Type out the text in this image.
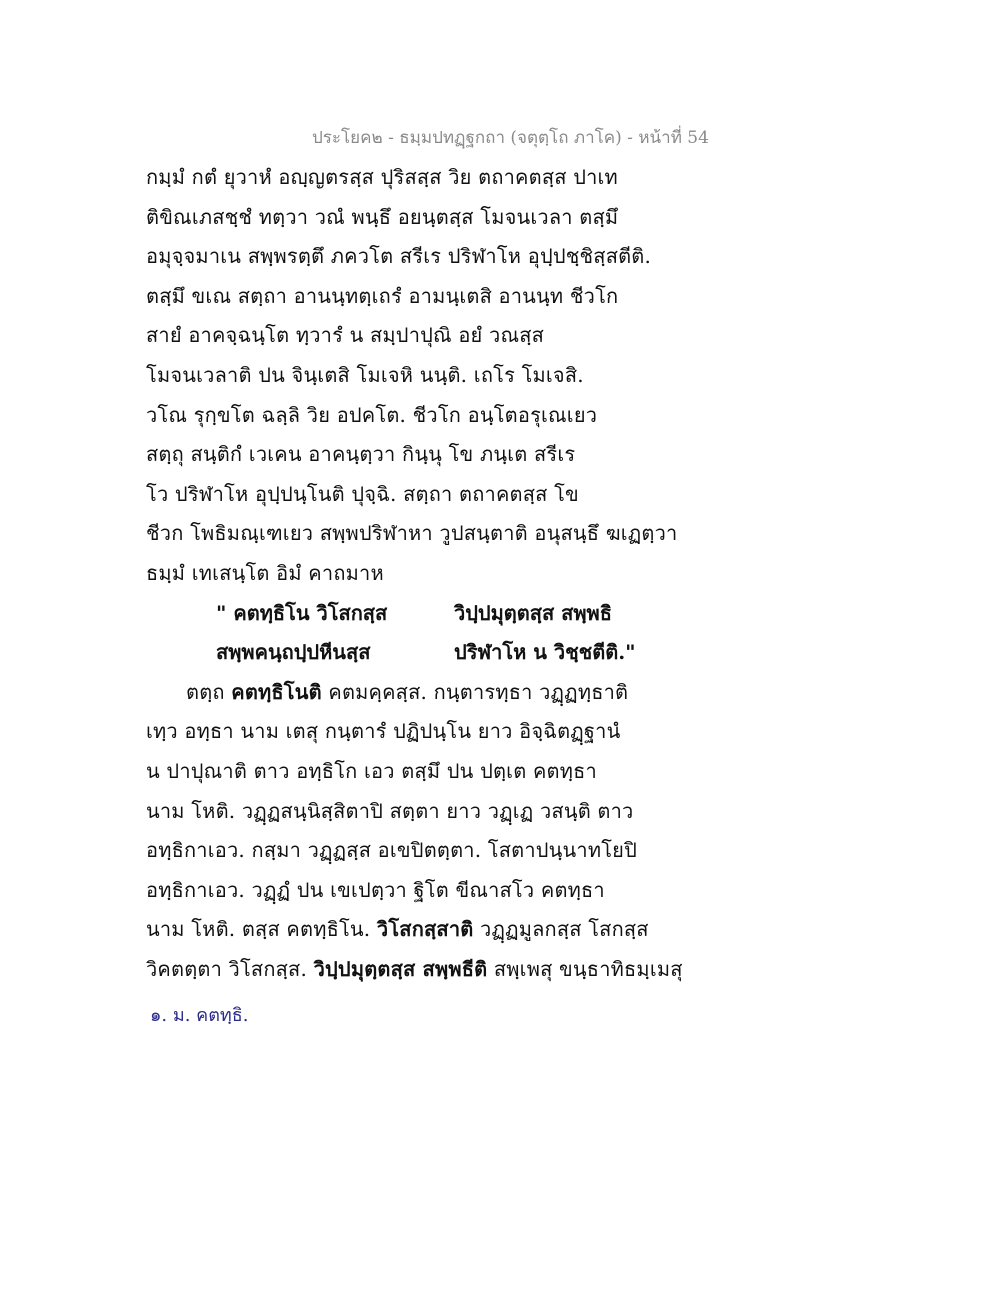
ประโยค๒ - ธมฺมปทฏฺฐกถา (จตุตฺโถ ภาโค) - หน้าที่ 54
กมฺมํ กตํ ยุวาหํ อญฺญตรสฺส ปุริสสฺส วิย ตถาคตสฺส ปาเท
ติขิณเภสชฺชํ ทตฺวา วณํ พนฺธึ อยนฺตสฺส โมจนเวลา ตสฺมึ
อมุจฺจมาเน สพฺพรตฺตึ ภควโต สรีเร ปริฬาโห อุปฺปชฺชิสฺสตีติ.
ตสฺมึ ขเณ สตฺถา อานนฺทตฺเถรํ อามนฺเตสิ อานนฺท ชีวโก
สายํ อาคจฺฉนฺโต ทฺวารํ น สมฺปาปุณิ อยํ วณสฺส
โมจนเวลาติ ปน จินฺเตสิ โมเจหิ นนฺติ. เถโร โมเจสิ.
วโณ รุกฺขโต ฉลฺลิ วิย อปคโต. ชีวโก อนฺโตอรุเณเยว
สตฺถุ สนฺติกํ เวเคน อาคนฺตฺวา กินฺนุ โข ภนฺเต สรีเร
โว ปริฬาโห อุปฺปนฺโนติ ปุจฺฉิ. สตฺถา ตถาคตสฺส โข
ชีวก โพธิมณฺเฑเยว สพฺพปริฬาหา วูปสนฺตาติ อนุสนฺธึ ฆเฏตฺวา
ธมฺมํ เทเสนฺโต อิมํ คาถมาห
" คตทฺธิโน วิโสกสฺส	วิปฺปมุตฺตสฺส สพฺพธิ
สพฺพคนฺถปฺปหีนสฺส	ปริฬาโห น วิชฺชตีติ."
ตตฺถ คตทฺธิโนติ คตมคฺคสฺส. กนฺตารทฺธา วฏฺฏทฺธาติ
เทฺว อทฺธา นาม เตสุ กนฺตารํ ปฏิปนฺโน ยาว อิจฺฉิตฏฺฐานํ
น ปาปุณาติ ตาว อทฺธิโก เอว ตสฺมึ ปน ปตฺเต คตทฺธา
นาม โหติ. วฏฺฏสนฺนิสฺสิตาปิ สตฺตา ยาว วฏฺเฏ วสนฺติ ตาว
อทฺธิกาเอว. กสฺมา วฏฺฏสฺส อเขปิตตฺตา. โสตาปนฺนาทโยปิ
อทฺธิกาเอว. วฏฺฏํ ปน เขเปตฺวา ฐิโต ขีณาสโว คตทฺธา
นาม โหติ. ตสฺส คตทฺธิโน. วิโสกสฺสาติ วฏฺฏมูลกสฺส โสกสฺส
วิคตตฺตา วิโสกสฺส. วิปฺปมุตฺตสฺส สพฺพธีติ สพฺเพสุ ขนฺธาทิธมฺเมสุ
๑. ม. คตทฺธิ.
